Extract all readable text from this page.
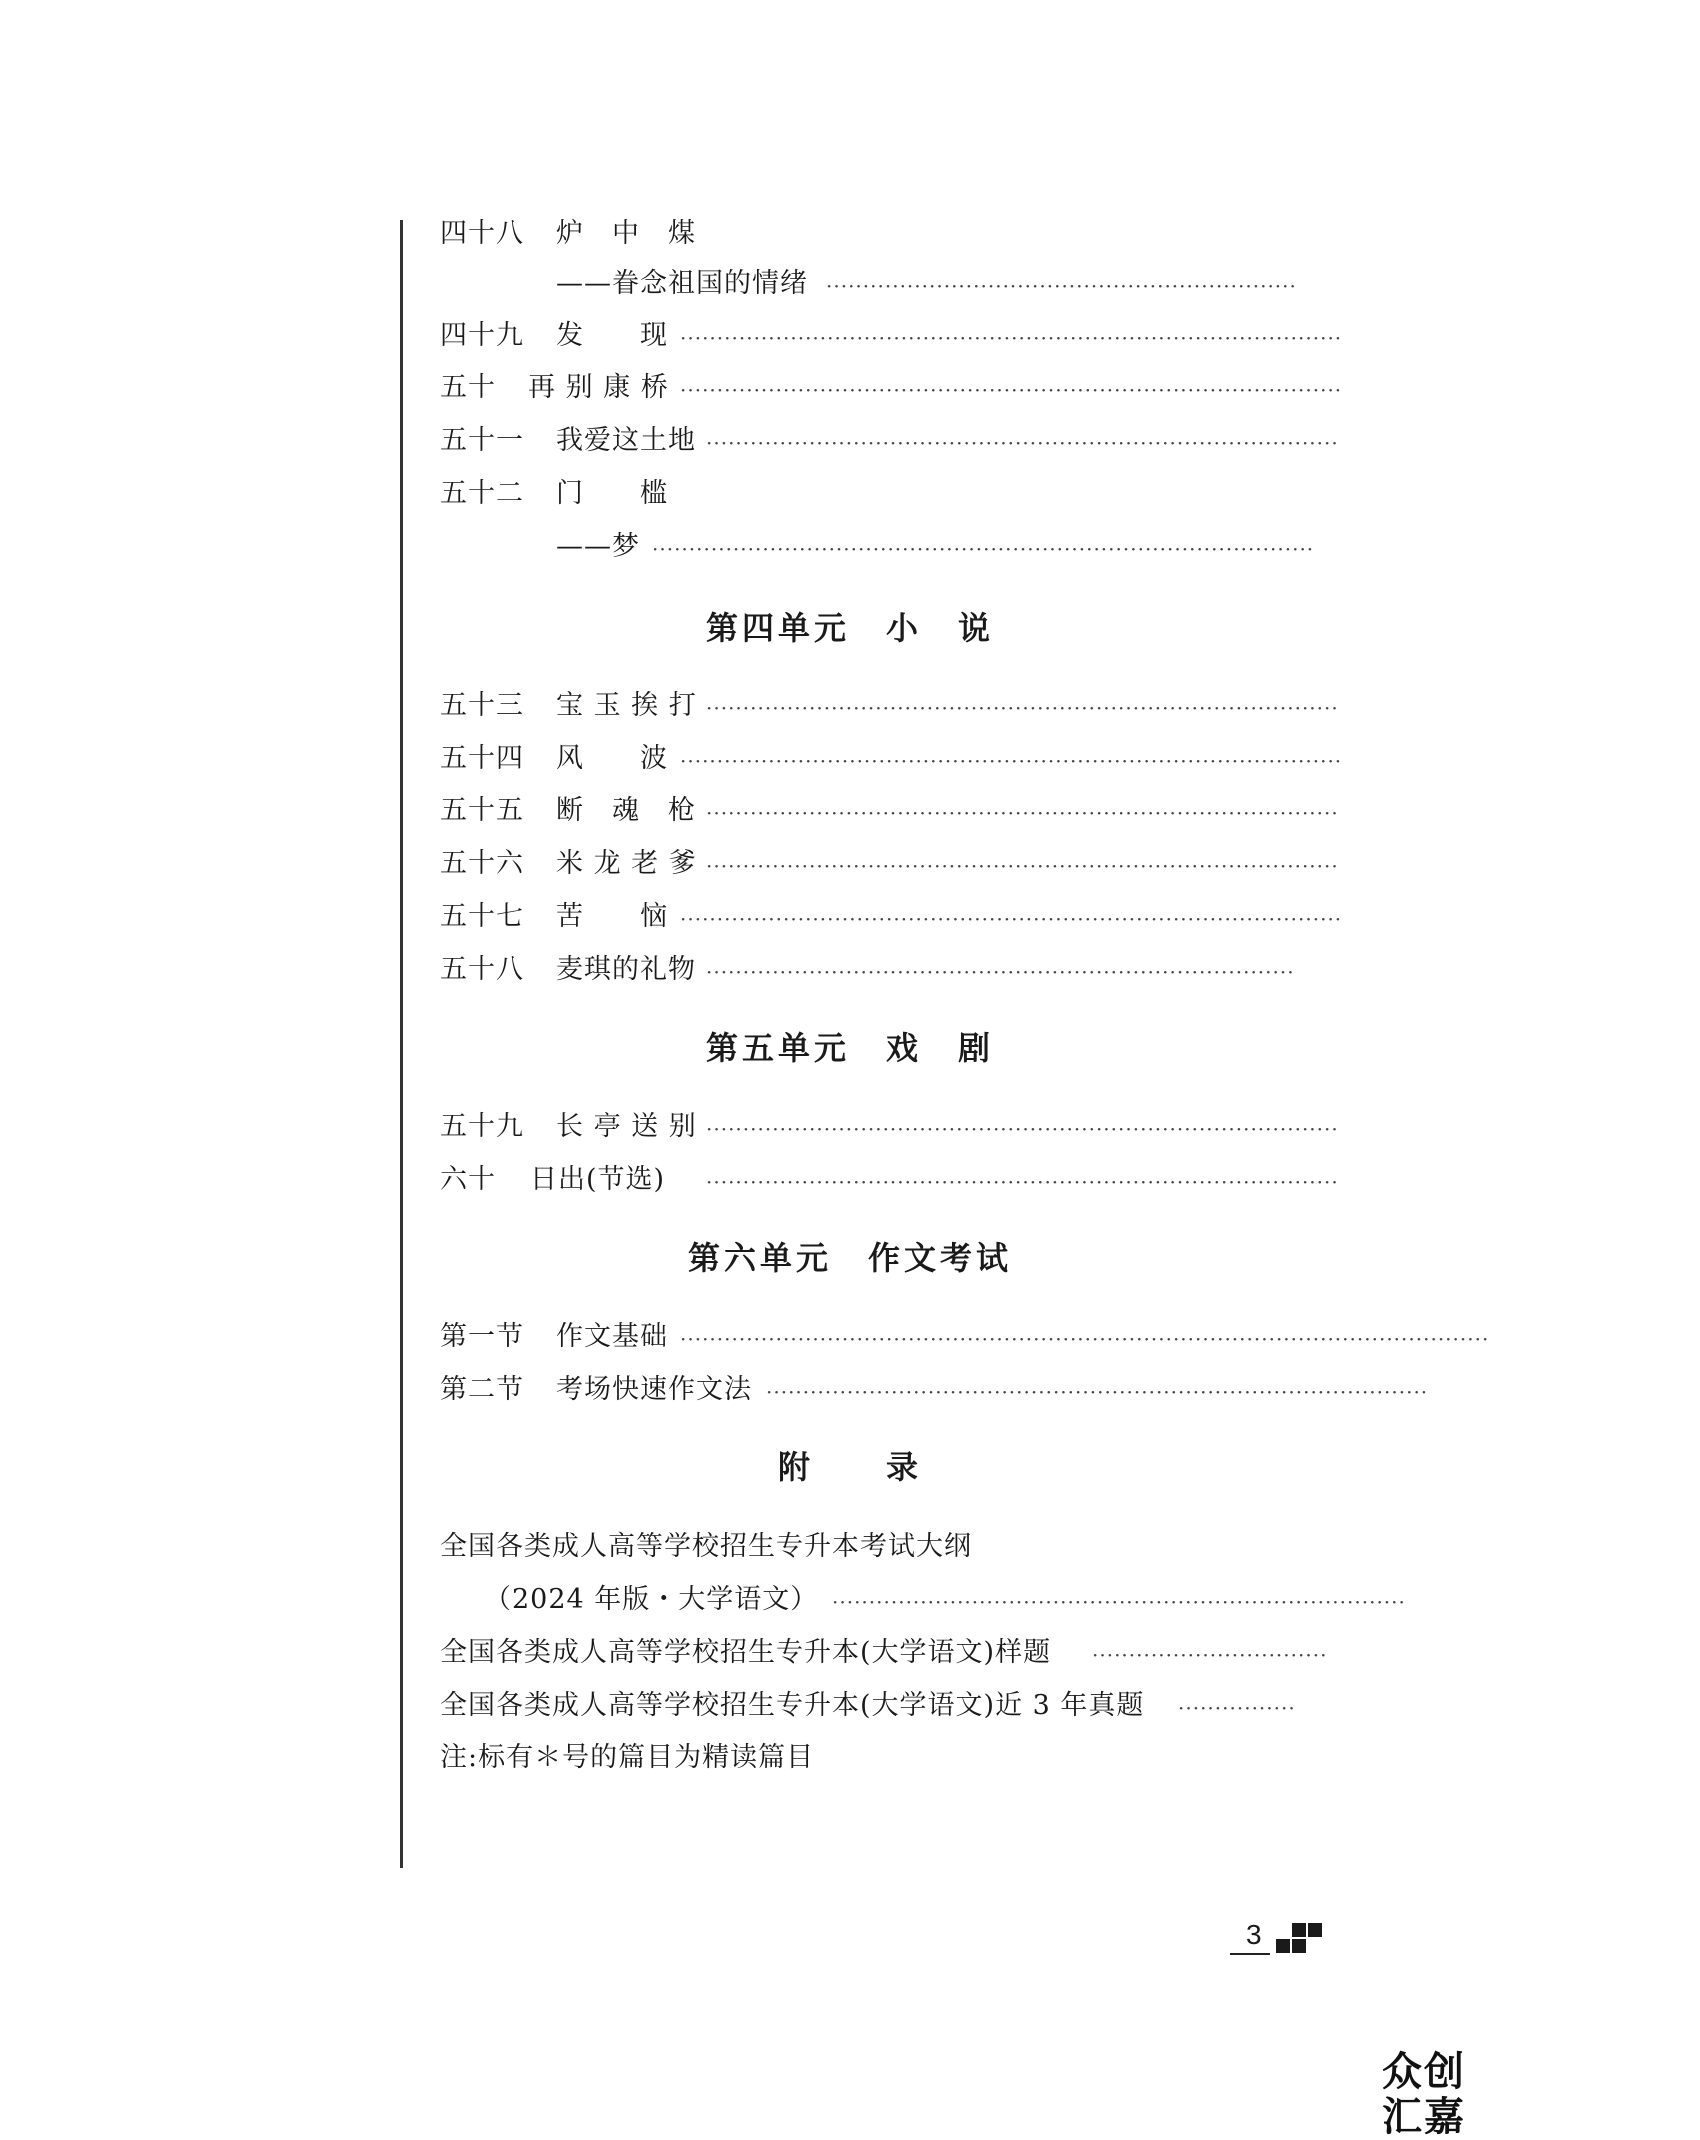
四十八 炉　中　煤
——眷念祖国的情绪 ································································
四十九 发　　现 ··························································································
五十 再 别 康 桥 ··························································································
五十一 我爱这土地 ······················································································
五十二 门　　槛
——梦 ··························································································
第四单元　小　说
五十三 宝 玉 挨 打 ······················································································
五十四 风　　波 ··························································································
五十五 断　魂　枪 ······················································································
五十六 米 龙 老 爹 ······················································································
五十七 苦　　恼 ··························································································
五十八 麦琪的礼物 ················································································
第五单元　戏　剧
五十九 长 亭 送 别 ······················································································
六十 日出(节选) ······················································································
第六单元　作文考试
第一节 作文基础 ··············································································································
第二节 考场快速作文法 ··························································································
附　　录
全国各类成人高等学校招生专升本考试大纲
（2024 年版・大学语文） ··············································································
全国各类成人高等学校招生专升本(大学语文)样题 ································
全国各类成人高等学校招生专升本(大学语文)近 3 年真题 ················
注:标有＊号的篇目为精读篇目
3
众创汇嘉
